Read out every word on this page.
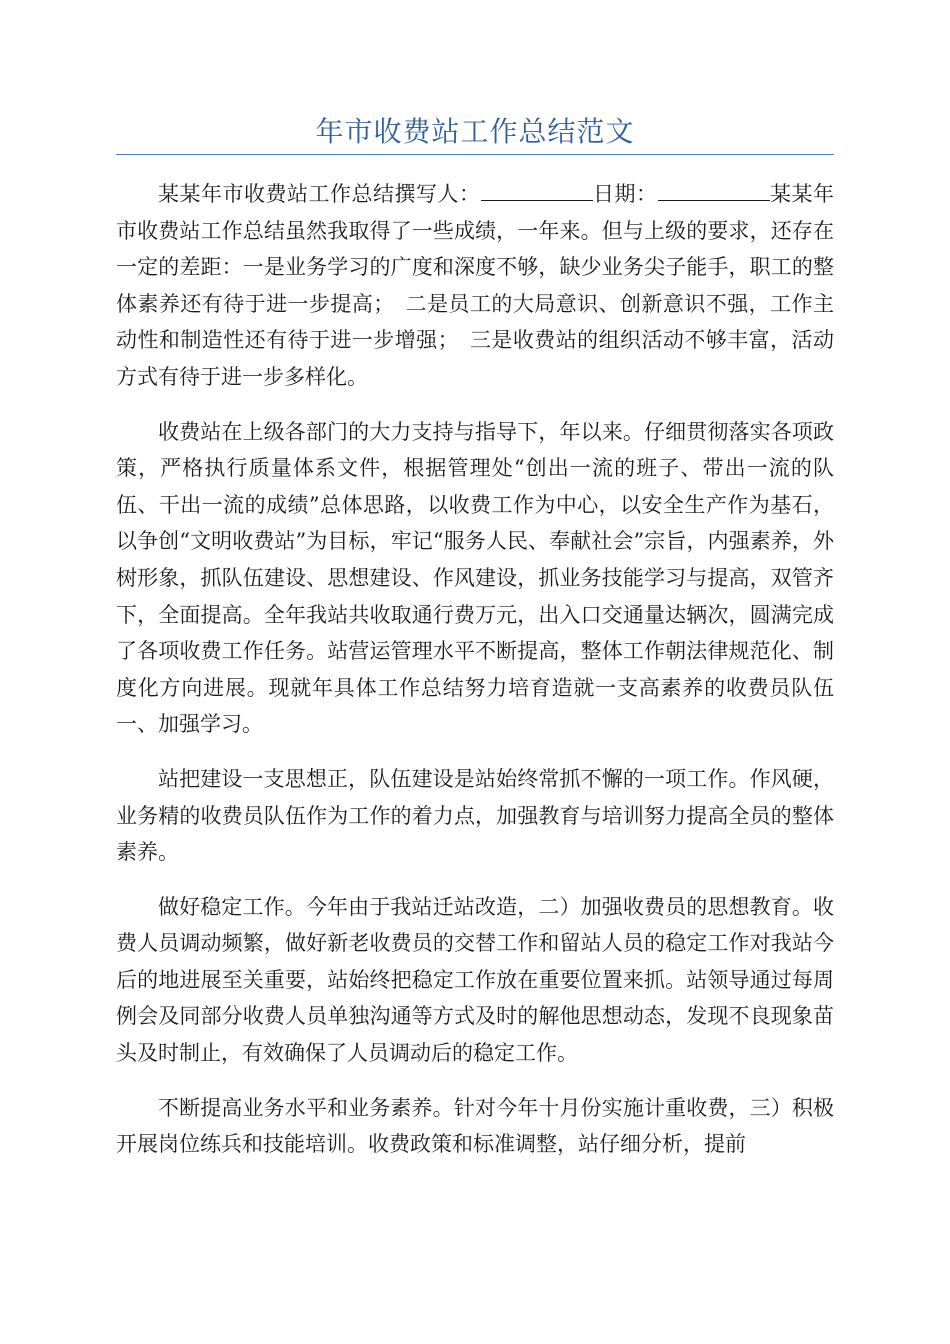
年市收费站工作总结范文

某某年市收费站工作总结撰写人：	日期：	某某年市收费站工作总结虽然我取得了一些成绩，一年来。但与上级的要求，还存在一定的差距：一是业务学习的广度和深度不够，缺少业务尖子能手，职工的整体素养还有待于进一步提高；　二是员工的大局意识、创新意识不强，工作主动性和制造性还有待于进一步增强；　三是收费站的组织活动不够丰富，活动方式有待于进一步多样化。

收费站在上级各部门的大力支持与指导下，年以来。仔细贯彻落实各项政策，严格执行质量体系文件，根据管理处“创出一流的班子、带出一流的队伍、干出一流的成绩”总体思路，以收费工作为中心，以安全生产作为基石，以争创“文明收费站”为目标，牢记“服务人民、奉献社会”宗旨，内强素养，外树形象，抓队伍建设、思想建设、作风建设，抓业务技能学习与提高，双管齐下，全面提高。全年我站共收取通行费万元，出入口交通量达辆次，圆满完成了各项收费工作任务。站营运管理水平不断提高，整体工作朝法律规范化、制度化方向进展。现就年具体工作总结努力培育造就一支高素养的收费员队伍一、加强学习。

站把建设一支思想正，队伍建设是站始终常抓不懈的一项工作。作风硬，业务精的收费员队伍作为工作的着力点，加强教育与培训努力提高全员的整体素养。

做好稳定工作。今年由于我站迁站改造，二）加强收费员的思想教育。收费人员调动频繁，做好新老收费员的交替工作和留站人员的稳定工作对我站今后的地进展至关重要，站始终把稳定工作放在重要位置来抓。站领导通过每周例会及同部分收费人员单独沟通等方式及时的解他思想动态，发现不良现象苗头及时制止，有效确保了人员调动后的稳定工作。

不断提高业务水平和业务素养。针对今年十月份实施计重收费，三）积极开展岗位练兵和技能培训。收费政策和标准调整，站仔细分析，提前
